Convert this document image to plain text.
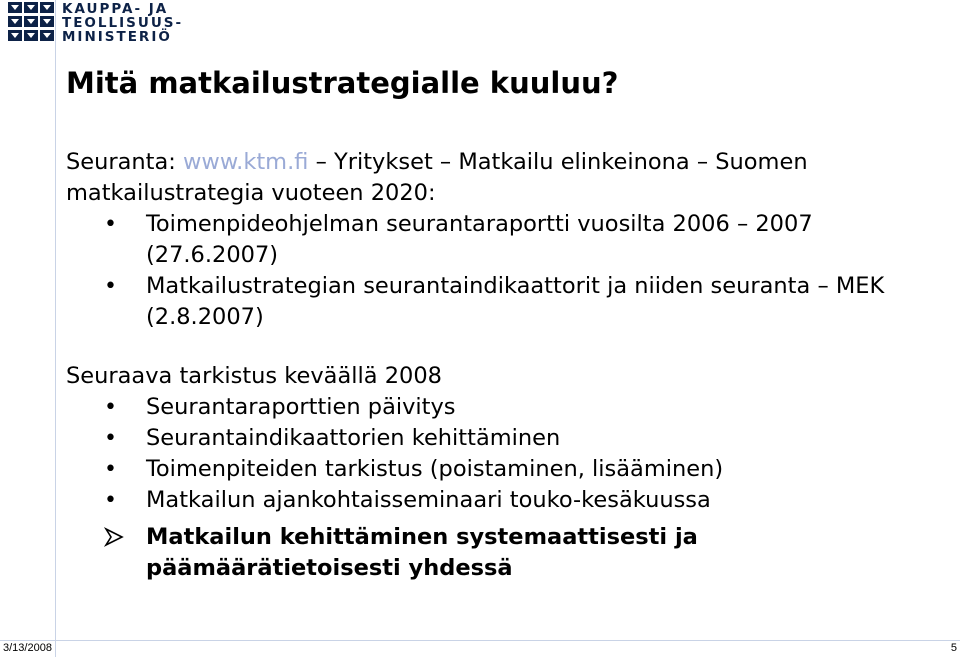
KAUPPA- JA
TEOLLISUUS-
MINISTERIÖ
Mitä matkailustrategialle kuuluu?

Seuranta: www.ktm.fi – Yritykset – Matkailu elinkeinona – Suomen matkailustrategia vuoteen 2020:

• Toimenpideohjelman seurantaraportti vuosilta 2006 – 2007 (27.6.2007)
• Matkailustrategian seurantaindikaattorit ja niiden seuranta – MEK (2.8.2007)

Seuraava tarkistus keväällä 2008

• Seurantaraporttien päivitys
• Seurantaindikaattorien kehittäminen
• Toimenpiteiden tarkistus (poistaminen, lisääminen)
• Matkailun ajankohtaisseminaari touko-kesäkuussa
Matkailun kehittäminen systemaattisesti ja päämäärätietoisesti yhdessä
3/13/2008	5
